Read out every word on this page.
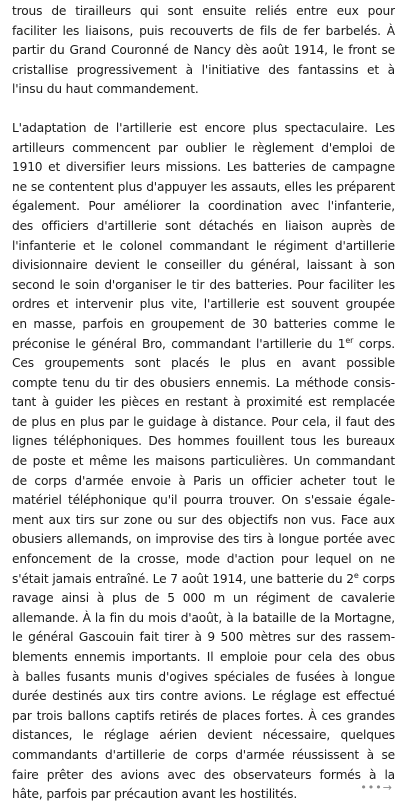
trous de tirailleurs qui sont ensuite reliés entre eux pour
faciliter les liaisons, puis recouverts de fils de fer barbelés. À
partir du Grand Couronné de Nancy dès août 1914, le front se
cristallise progressivement à l'initiative des fantassins et à
l'insu du haut commandement.

L'adaptation de l'artillerie est encore plus spectaculaire. Les
artilleurs commencent par oublier le règlement d'emploi de
1910 et diversifier leurs missions. Les batteries de campagne
ne se contentent plus d'appuyer les assauts, elles les préparent
également. Pour améliorer la coordination avec l'infanterie,
des officiers d'artillerie sont détachés en liaison auprès de
l'infanterie et le colonel commandant le régiment d'artillerie
divisionnaire devient le conseiller du général, laissant à son
second le soin d'organiser le tir des batteries. Pour faciliter les
ordres et intervenir plus vite, l'artillerie est souvent groupée
en masse, parfois en groupement de 30 batteries comme le
préconise le général Bro, commandant l'artillerie du 1er corps.
Ces groupements sont placés le plus en avant possible
compte tenu du tir des obusiers ennemis. La méthode consis-
tant à guider les pièces en restant à proximité est remplacée
de plus en plus par le guidage à distance. Pour cela, il faut des
lignes téléphoniques. Des hommes fouillent tous les bureaux
de poste et même les maisons particulières. Un commandant
de corps d'armée envoie à Paris un officier acheter tout le
matériel téléphonique qu'il pourra trouver. On s'essaie égale-
ment aux tirs sur zone ou sur des objectifs non vus. Face aux
obusiers allemands, on improvise des tirs à longue portée avec
enfoncement de la crosse, mode d'action pour lequel on ne
s'était jamais entraîné. Le 7 août 1914, une batterie du 2e corps
ravage ainsi à plus de 5 000 m un régiment de cavalerie
allemande. À la fin du mois d'août, à la bataille de la Mortagne,
le général Gascouin fait tirer à 9 500 mètres sur des rassem-
blements ennemis importants. Il emploie pour cela des obus
à balles fusants munis d'ogives spéciales de fusées à longue
durée destinés aux tirs contre avions. Le réglage est effectué
par trois ballons captifs retirés de places fortes. À ces grandes
distances, le réglage aérien devient nécessaire, quelques
commandants d'artillerie de corps d'armée réussissent à se
faire prêter des avions avec des observateurs formés à la
hâte, parfois par précaution avant les hostilités.	•••→
